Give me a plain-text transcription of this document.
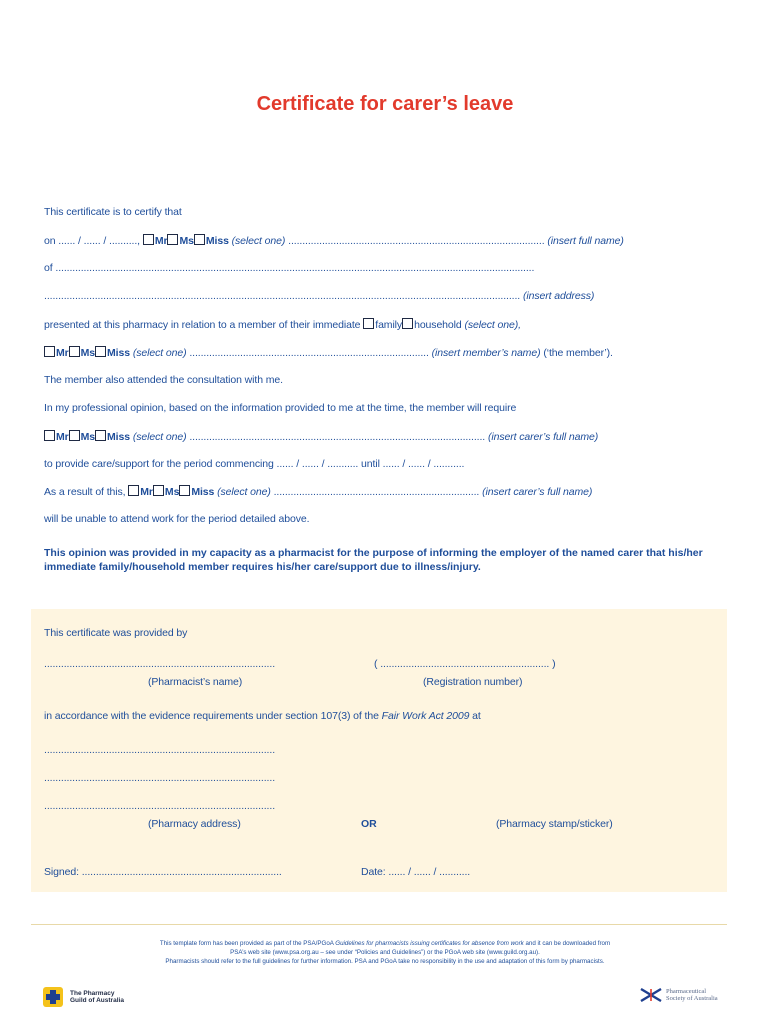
Certificate for carer’s leave
This certificate is to certify that
on ...... / ...... / .........., Mr Ms Miss (select one) ........................................................................................... (insert full name)
of ..........................................................................................................................................................................
......................................................................................................................................................................... (insert address)
presented at this pharmacy in relation to a member of their immediate family household (select one),
Mr Ms Miss (select one) ..................................................................................... (insert member’s name) (‘the member’).
The member also attended the consultation with me.
In my professional opinion, based on the information provided to me at the time, the member will require
Mr Ms Miss (select one) ......................................................................................................... (insert carer’s full name)
to provide care/support for the period commencing ...... / ...... / ........... until ...... / ...... / ...........
As a result of this, Mr Ms Miss (select one) ......................................................................... (insert carer’s full name)
will be unable to attend work for the period detailed above.
This opinion was provided in my capacity as a pharmacist for the purpose of informing the employer of the named carer that his/her immediate family/household member requires his/her care/support due to illness/injury.
This certificate was provided by
..................................................................................	( ............................................................ )
(Pharmacist’s name)	(Registration number)
in accordance with the evidence requirements under section 107(3) of the Fair Work Act 2009 at
..................................................................................
..................................................................................
..................................................................................
(Pharmacy address)	OR	(Pharmacy stamp/sticker)
Signed: .......................................................................	Date: ...... / ...... / ...........
This template form has been provided as part of the PSA/PGoA Guidelines for pharmacists issuing certificates for absence from work and it can be downloaded from
PSA’s web site (www.psa.org.au – see under “Policies and Guidelines”) or the PGoA web site (www.guild.org.au).
Pharmacists should refer to the full guidelines for further information. PSA and PGoA take no responsibility in the use and adaptation of this form by pharmacists.
The Pharmacy
Guild of Australia
Pharmaceutical
Society of Australia
